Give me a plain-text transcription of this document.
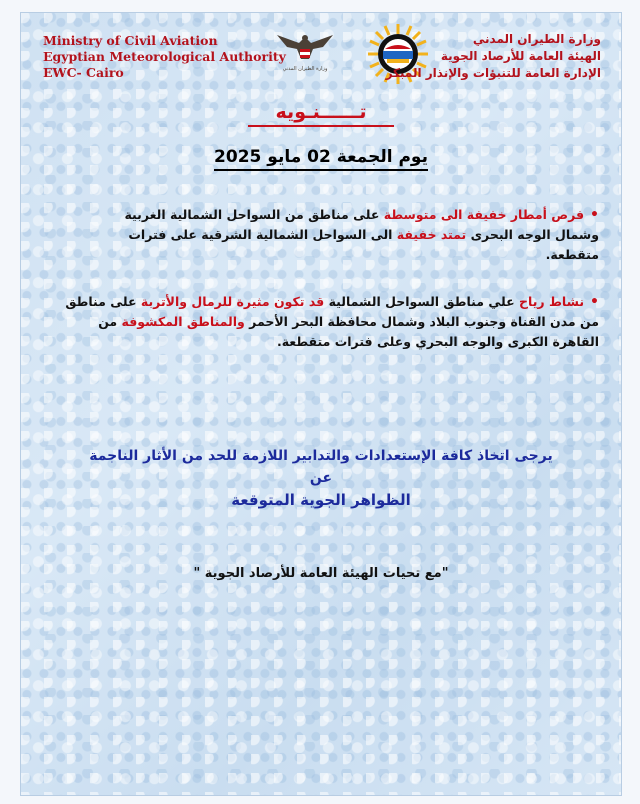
Ministry of Civil Aviation
Egyptian Meteorological Authority
EWC- Cairo	وزارة الطيران المدني
وزارة الطيران المدني
الهيئة العامة للأرصاد الجوية
الإدارة العامة للتنبؤات والإنذار المبكر
تــــــنـويه
يوم الجمعة 02 مايو 2025
•فرص أمطار خفيفة الى متوسطة على مناطق من السواحل الشمالية الغربية
وشمال الوجه البحرى تمتد خفيفة الى السواحل الشمالية الشرقية على فترات متقطعة.
•نشاط رياح علي مناطق السواحل الشمالية قد تكون مثيرة للرمال والأتربة على مناطق
من مدن القناة وجنوب البلاد وشمال محافظة البحر الأحمر والمناطق المكشوفة من
القاهرة الكبرى والوجه البحري وعلى فترات متقطعة.
يرجى اتخاذ كافة الإستعدادات والتدابير اللازمة للحد من الأثار الناجمة عن
الظواهر الجوية المتوقعة
"مع تحيات الهيئة العامة للأرصاد الجوية "
